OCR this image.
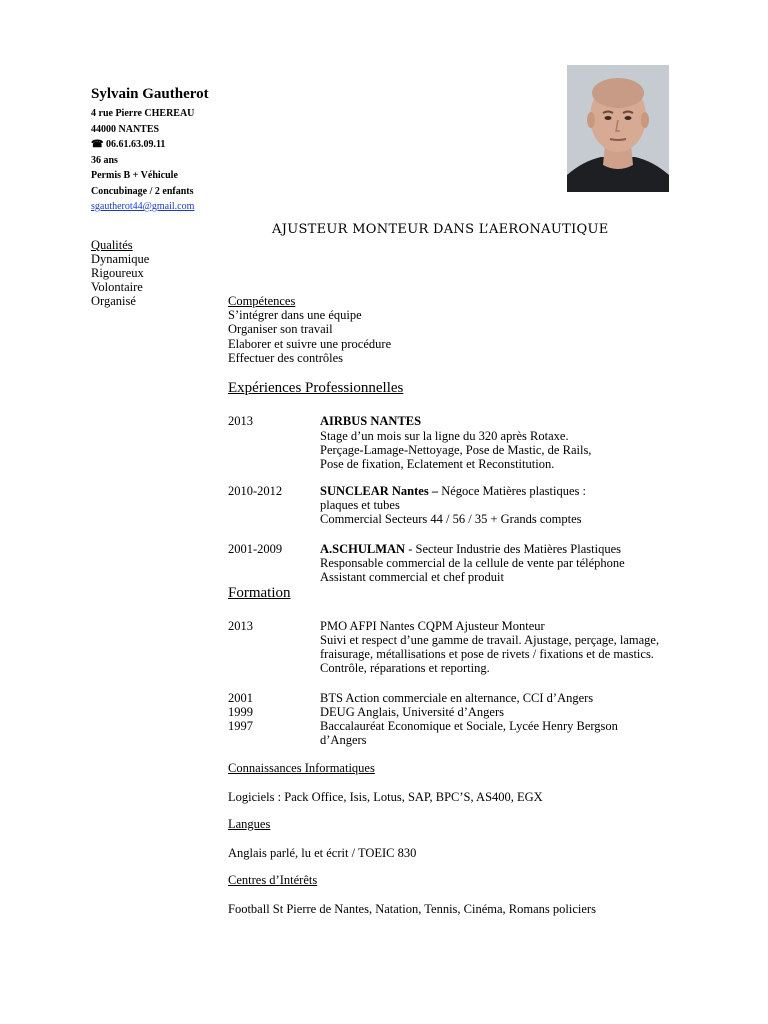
Sylvain Gautherot
4 rue Pierre CHEREAU
44000 NANTES
☎ 06.61.63.09.11
36 ans
Permis B + Véhicule
Concubinage / 2 enfants
sgautherot44@gmail.com
AJUSTEUR MONTEUR DANS L’AERONAUTIQUE
Qualités
Dynamique
Rigoureux
Volontaire
Organisé	Compétences
S’intégrer dans une équipe
Organiser son travail
Elaborer et suivre une procédure
Effectuer des contrôles
Expériences Professionnelles
2013	AIRBUS NANTES
Stage d’un mois sur la ligne du 320 après Rotaxe.
Perçage-Lamage-Nettoyage, Pose de Mastic, de Rails,
Pose de fixation, Eclatement et Reconstitution.
2010-2012	SUNCLEAR Nantes – Négoce Matières plastiques :
plaques et tubes
Commercial Secteurs 44 / 56 / 35 + Grands comptes
2001-2009	A.SCHULMAN - Secteur Industrie des Matières Plastiques
Responsable commercial de la cellule de vente par téléphone
Assistant commercial et chef produit
Formation
2013	PMO AFPI Nantes CQPM Ajusteur Monteur
Suivi et respect d’une gamme de travail. Ajustage, perçage, lamage,
fraisurage, métallisations et pose de rivets / fixations et de mastics.
Contrôle, réparations et reporting.
2001	BTS Action commerciale en alternance, CCI d’Angers
1999	DEUG Anglais, Université d’Angers
1997	Baccalauréat Economique et Sociale, Lycée Henry Bergson
d’Angers
Connaissances Informatiques
Logiciels : Pack Office, Isis, Lotus, SAP, BPC’S, AS400, EGX
Langues
Anglais parlé, lu et écrit / TOEIC 830
Centres d’Intérêts
Football St Pierre de Nantes, Natation, Tennis, Cinéma, Romans policiers
